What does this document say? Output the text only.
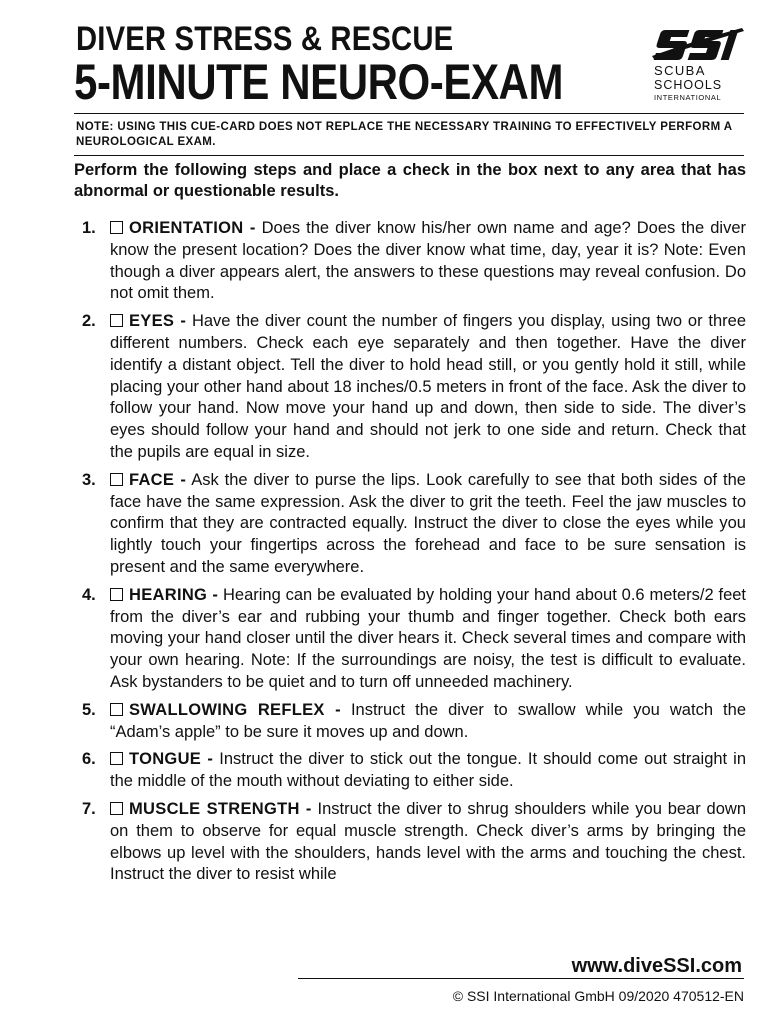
DIVER STRESS & RESCUE
5-MINUTE NEURO-EXAM	SCUBA
SCHOOLS
INTERNATIONAL
NOTE: USING THIS CUE-CARD DOES NOT REPLACE THE NECESSARY TRAINING TO EFFECTIVELY PERFORM A NEUROLOGICAL EXAM.
Perform the following steps and place a check in the box next to any area that has abnormal or questionable results.
1. ORIENTATION - Does the diver know his/her own name and age? Does the diver know the present location? Does the diver know what time, day, year it is? Note: Even though a diver appears alert, the answers to these questions may reveal confusion. Do not omit them.
2. EYES - Have the diver count the number of fingers you display, using two or three different numbers. Check each eye separately and then together. Have the diver identify a distant object. Tell the diver to hold head still, or you gently hold it still, while placing your other hand about 18 inches/0.5 meters in front of the face. Ask the diver to follow your hand. Now move your hand up and down, then side to side. The diver’s eyes should follow your hand and should not jerk to one side and return. Check that the pupils are equal in size.
3. FACE - Ask the diver to purse the lips. Look carefully to see that both sides of the face have the same expression. Ask the diver to grit the teeth. Feel the jaw muscles to confirm that they are contracted equally. Instruct the diver to close the eyes while you lightly touch your fingertips across the forehead and face to be sure sensation is present and the same everywhere.
4. HEARING - Hearing can be evaluated by holding your hand about 0.6 meters/2 feet from the diver’s ear and rubbing your thumb and finger together. Check both ears moving your hand closer until the diver hears it. Check several times and compare with your own hearing. Note: If the surroundings are noisy, the test is difficult to evaluate. Ask bystanders to be quiet and to turn off unneeded machinery.
5. SWALLOWING REFLEX - Instruct the diver to swallow while you watch the “Adam’s apple” to be sure it moves up and down.
6. TONGUE - Instruct the diver to stick out the tongue. It should come out straight in the middle of the mouth without deviating to either side.
7. MUSCLE STRENGTH - Instruct the diver to shrug shoulders while you bear down on them to observe for equal muscle strength. Check diver’s arms by bringing the elbows up level with the shoulders, hands level with the arms and touching the chest. Instruct the diver to resist while
www.diveSSI.com
© SSI International GmbH 09/2020 470512-EN
